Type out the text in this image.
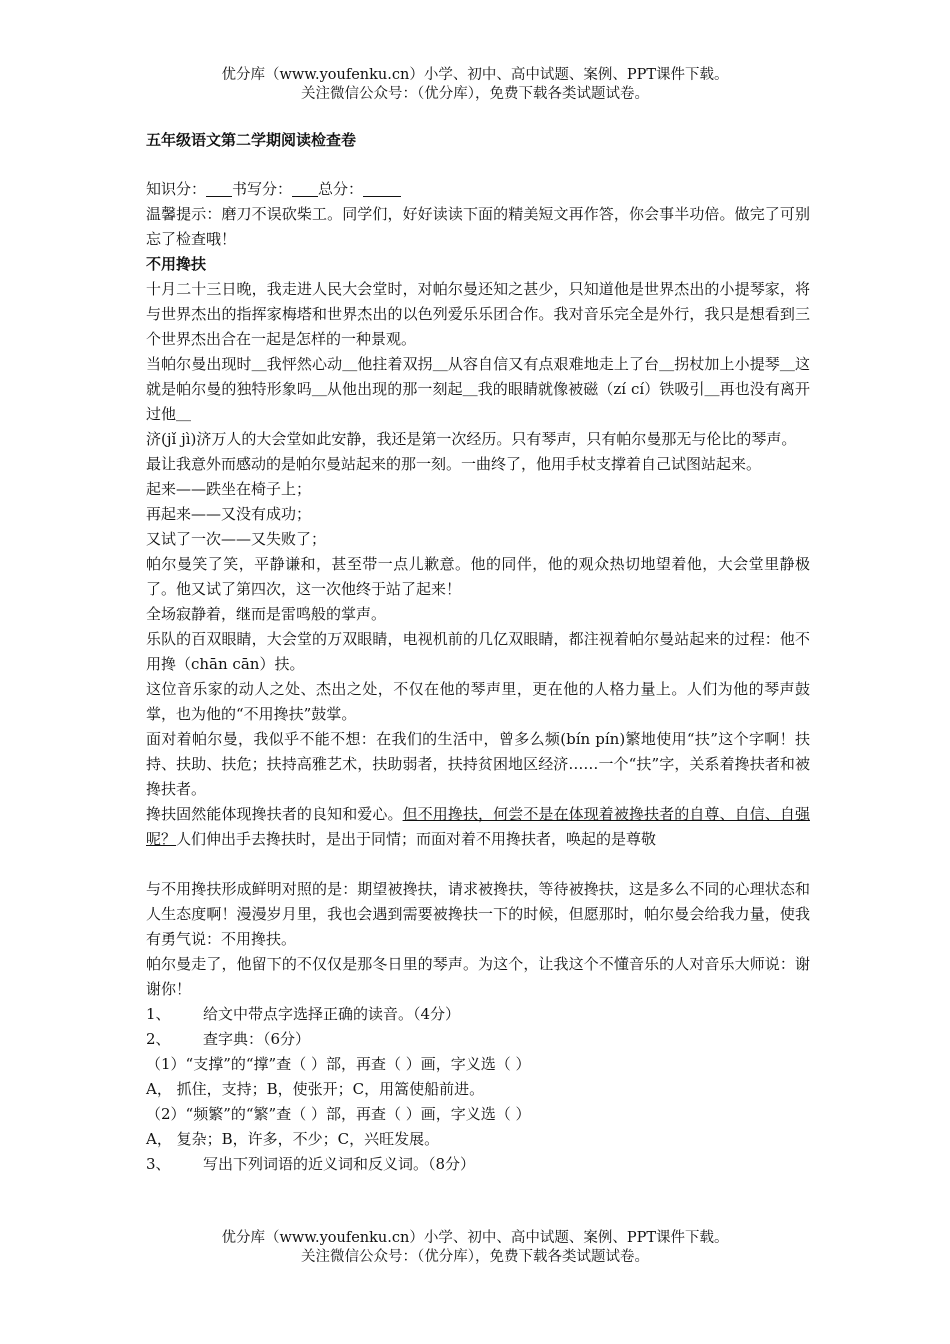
优分库（www.youfenku.cn）小学、初中、高中试题、案例、PPT课件下载。
关注微信公众号：（优分库），免费下载各类试题试卷。

五年级语文第二学期阅读检查卷

知识分： 书写分： 总分：

温馨提示：磨刀不误砍柴工。同学们，好好读读下面的精美短文再作答，你会事半功倍。做完了可别忘了检查哦！

不用搀扶

十月二十三日晚，我走进人民大会堂时，对帕尔曼还知之甚少，只知道他是世界杰出的小提琴家，将与世界杰出的指挥家梅塔和世界杰出的以色列爱乐乐团合作。我对音乐完全是外行，我只是想看到三个世界杰出合在一起是怎样的一种景观。

当帕尔曼出现时＿我怦然心动＿他拄着双拐＿从容自信又有点艰难地走上了台＿拐杖加上小提琴＿这就是帕尔曼的独特形象吗＿从他出现的那一刻起＿我的眼睛就像被磁（zí cí）铁吸引＿再也没有离开过他＿

济(jǐ jì)济万人的大会堂如此安静，我还是第一次经历。只有琴声，只有帕尔曼那无与伦比的琴声。

最让我意外而感动的是帕尔曼站起来的那一刻。一曲终了，他用手杖支撑着自己试图站起来。

起来——跌坐在椅子上；

再起来——又没有成功；

又试了一次——又失败了；

帕尔曼笑了笑，平静谦和，甚至带一点儿歉意。他的同伴，他的观众热切地望着他，大会堂里静极了。他又试了第四次，这一次他终于站了起来！

全场寂静着，继而是雷鸣般的掌声。

乐队的百双眼睛，大会堂的万双眼睛，电视机前的几亿双眼睛，都注视着帕尔曼站起来的过程：他不用搀（chān cān）扶。

这位音乐家的动人之处、杰出之处，不仅在他的琴声里，更在他的人格力量上。人们为他的琴声鼓掌，也为他的“不用搀扶”鼓掌。

面对着帕尔曼，我似乎不能不想：在我们的生活中，曾多么频(bín pín)繁地使用“扶”这个字啊！扶持、扶助、扶危；扶持高雅艺术，扶助弱者，扶持贫困地区经济……一个“扶”字，关系着搀扶者和被搀扶者。

搀扶固然能体现搀扶者的良知和爱心。但不用搀扶，何尝不是在体现着被搀扶者的自尊、自信、自强呢？人们伸出手去搀扶时，是出于同情；而面对着不用搀扶者，唤起的是尊敬

与不用搀扶形成鲜明对照的是：期望被搀扶，请求被搀扶，等待被搀扶，这是多么不同的心理状态和人生态度啊！漫漫岁月里，我也会遇到需要被搀扶一下的时候，但愿那时，帕尔曼会给我力量，使我有勇气说：不用搀扶。

帕尔曼走了，他留下的不仅仅是那冬日里的琴声。为这个，让我这个不懂音乐的人对音乐大师说：谢谢你！

1、 给文中带点字选择正确的读音。（4分）

2、 查字典：（6分）

（1）“支撑”的“撑”查（ ）部，再查（ ）画，字义选（ ）

A， 抓住，支持；B，使张开；C，用篙使船前进。

（2）“频繁”的“繁”查（ ）部，再查（ ）画，字义选（ ）

A， 复杂；B，许多，不少；C，兴旺发展。

3、 写出下列词语的近义词和反义词。（8分）

优分库（www.youfenku.cn）小学、初中、高中试题、案例、PPT课件下载。
关注微信公众号：（优分库），免费下载各类试题试卷。
